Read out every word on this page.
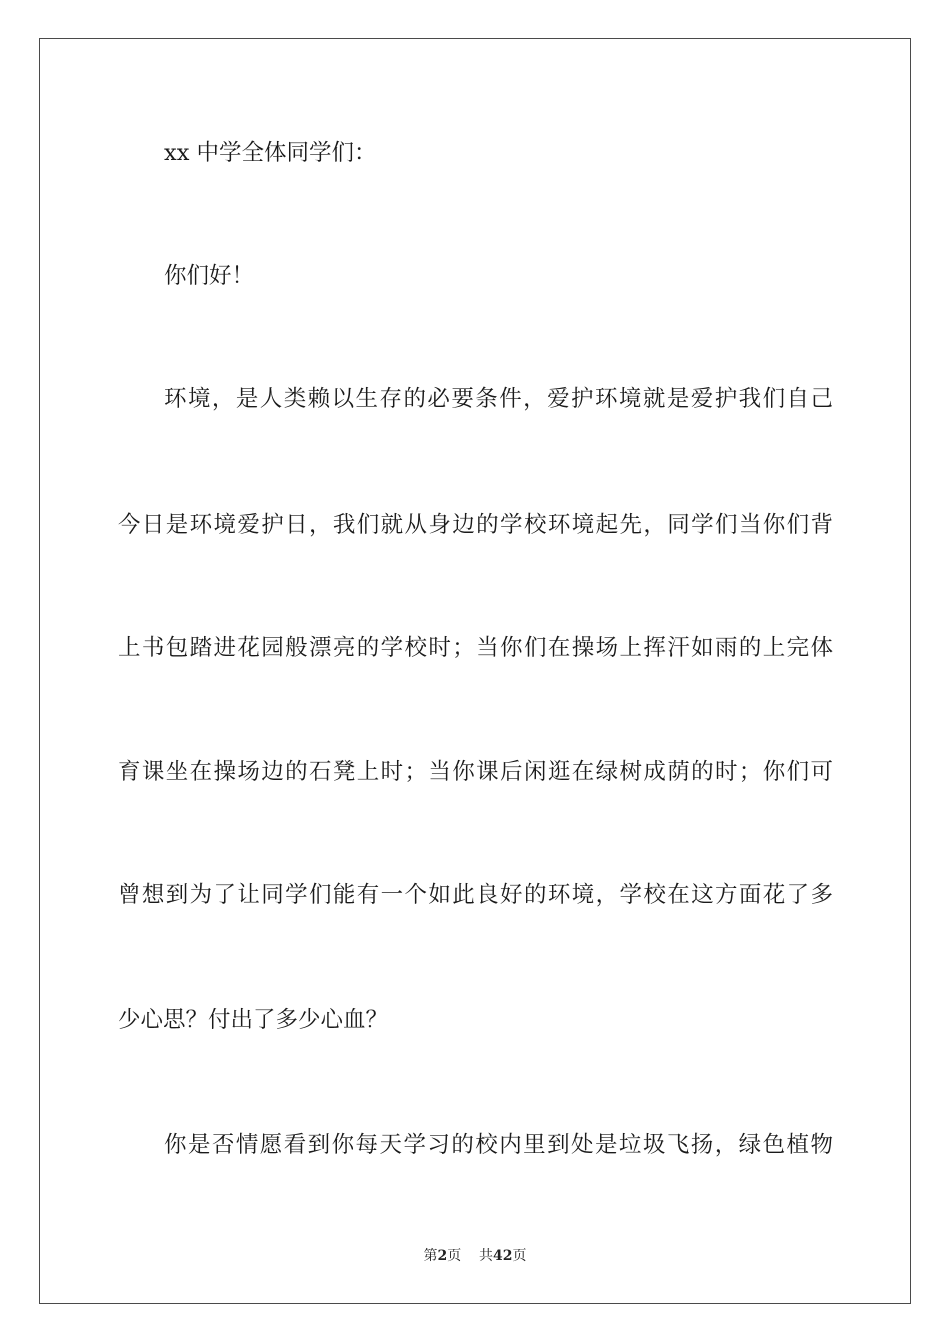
xx 中学全体同学们：
你们好！
环境，是人类赖以生存的必要条件，爱护环境就是爱护我们自己
今日是环境爱护日，我们就从身边的学校环境起先，同学们当你们背
上书包踏进花园般漂亮的学校时；当你们在操场上挥汗如雨的上完体
育课坐在操场边的石凳上时；当你课后闲逛在绿树成荫的时；你们可
曾想到为了让同学们能有一个如此良好的环境，学校在这方面花了多
少心思？付出了多少心血？
你是否情愿看到你每天学习的校内里到处是垃圾飞扬，绿色植物
第2页 共42页
